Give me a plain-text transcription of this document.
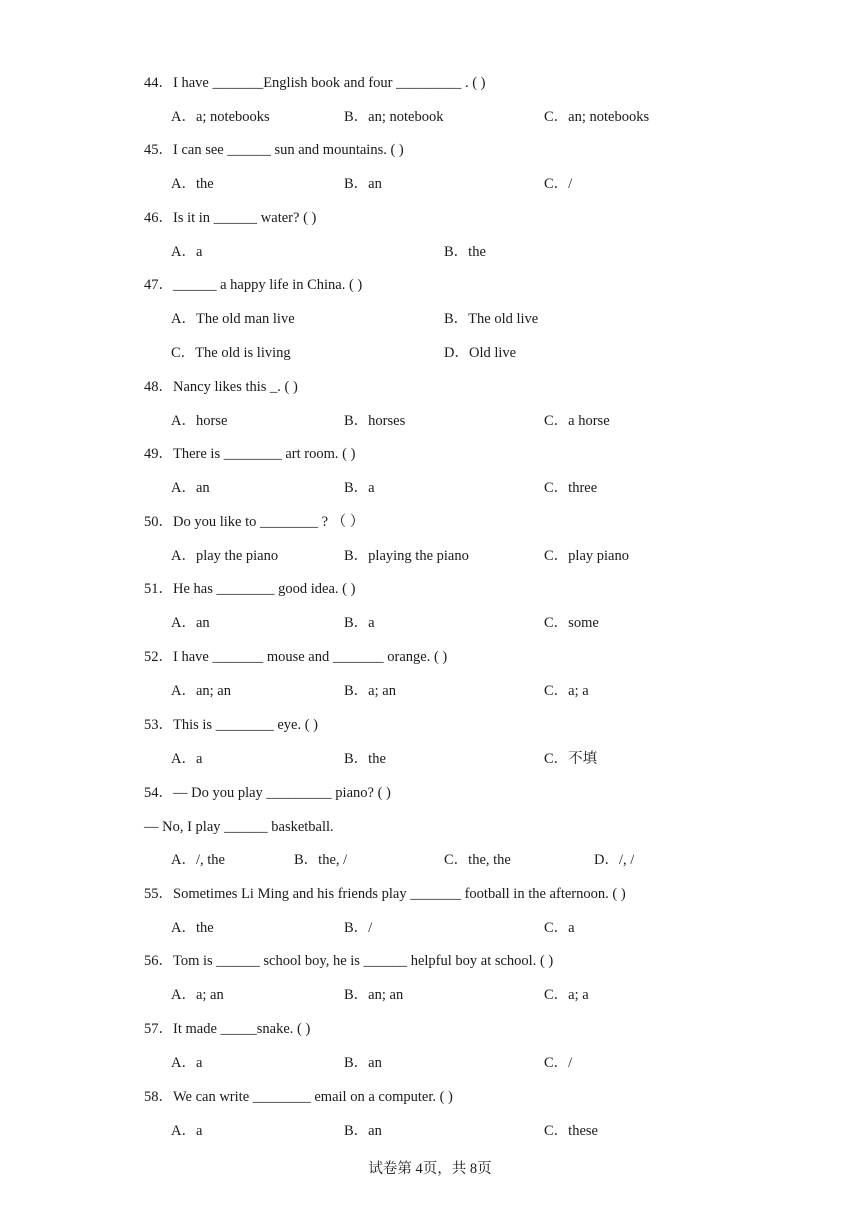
44．I have _______English book and four _________ . ( )
A．a; notebooks	B．an; notebook	C．an; notebooks
45．I can see ______ sun and mountains. ( )
A．the	B．an	C．/
46．Is it in ______ water? ( )
A．a	B．the
47．______ a happy life in China. ( )
A．The old man live	B．The old live
C．The old is living	D．Old live
48．Nancy likes this _. ( )
A．horse	B．horses	C．a horse
49．There is ________ art room. ( )
A．an	B．a	C．three
50．Do you like to ________ ? （ ）
A．play the piano	B．playing the piano	C．play piano
51．He has ________ good idea. ( )
A．an	B．a	C．some
52．I have _______ mouse and _______ orange. ( )
A．an; an	B．a; an	C．a; a
53．This is ________ eye. ( )
A．a	B．the	C．不填
54．— Do you play _________ piano? ( )
— No, I play ______ basketball.
A．/, the	B．the, /	C．the, the	D．/, /
55．Sometimes Li Ming and his friends play _______ football in the afternoon. ( )
A．the	B．/	C．a
56．Tom is ______ school boy, he is ______ helpful boy at school. ( )
A．a; an	B．an; an	C．a; a
57．It made _____snake. ( )
A．a	B．an	C．/
58．We can write ________ email on a computer. ( )
A．a	B．an	C．these
试卷第 4页，共 8页
